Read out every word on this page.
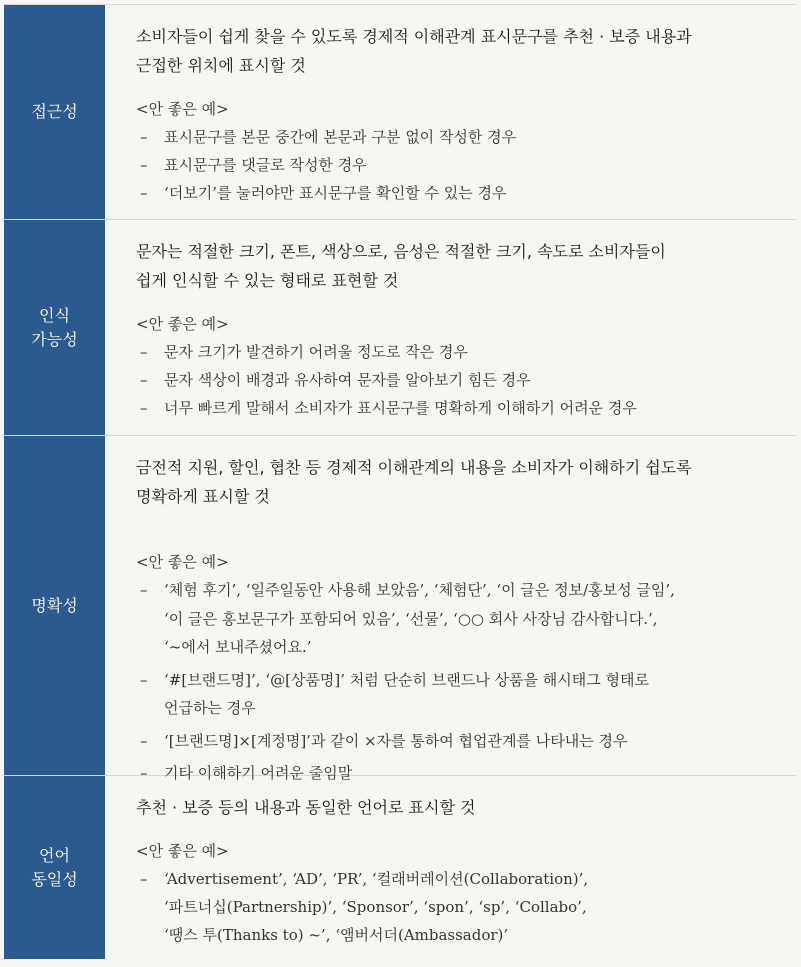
접근성
소비자들이 쉽게 찾을 수 있도록 경제적 이해관계 표시문구를 추천 · 보증 내용과
근접한 위치에 표시할 것
<안 좋은 예>
– 표시문구를 본문 중간에 본문과 구분 없이 작성한 경우
– 표시문구를 댓글로 작성한 경우
– ‘더보기’를 눌러야만 표시문구를 확인할 수 있는 경우
인식
가능성
문자는 적절한 크기, 폰트, 색상으로, 음성은 적절한 크기, 속도로 소비자들이
쉽게 인식할 수 있는 형태로 표현할 것
<안 좋은 예>
– 문자 크기가 발견하기 어려울 정도로 작은 경우
– 문자 색상이 배경과 유사하여 문자를 알아보기 힘든 경우
– 너무 빠르게 말해서 소비자가 표시문구를 명확하게 이해하기 어려운 경우
명확성
금전적 지원, 할인, 협찬 등 경제적 이해관계의 내용을 소비자가 이해하기 쉽도록
명확하게 표시할 것
<안 좋은 예>
– ‘체험 후기’, ‘일주일동안 사용해 보았음’, ‘체험단’, ‘이 글은 정보/홍보성 글임’,
‘이 글은 홍보문구가 포함되어 있음’, ‘선물’, ‘○○ 회사 사장님 감사합니다.’,
‘~에서 보내주셨어요.’
– ‘#[브랜드명]’, ‘@[상품명]’ 처럼 단순히 브랜드나 상품을 해시태그 형태로
언급하는 경우
– ‘[브랜드명]×[계정명]’과 같이 ×자를 통하여 협업관계를 나타내는 경우
– 기타 이해하기 어려운 줄임말
언어
동일성
추천 · 보증 등의 내용과 동일한 언어로 표시할 것
<안 좋은 예>
– ‘Advertisement’, ‘AD’, ‘PR’, ‘컬래버레이션(Collaboration)’,
‘파트너십(Partnership)’, ‘Sponsor’, ‘spon’, ‘sp’, ‘Collabo’,
‘땡스 투(Thanks to) ~’, ‘앰버서더(Ambassador)’
